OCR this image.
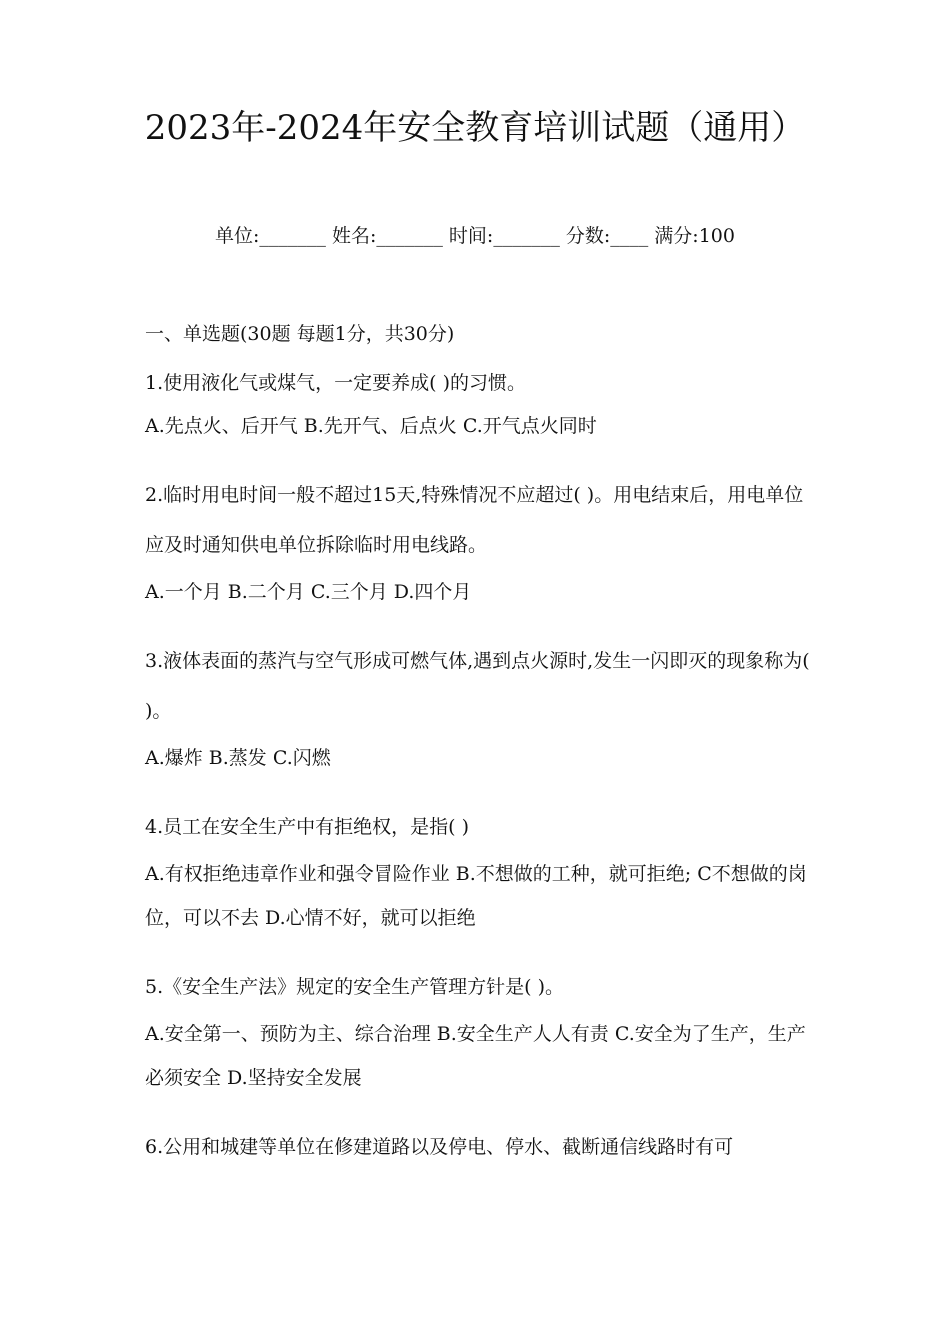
2023年-2024年安全教育培训试题（通用）
单位:_______ 姓名:_______ 时间:_______ 分数:____ 满分:100

一、单选题(30题 每题1分，共30分)

1.使用液化气或煤气，一定要养成( )的习惯。

A.先点火、后开气 B.先开气、后点火 C.开气点火同时

2.临时用电时间一般不超过15天,特殊情况不应超过( )。用电结束后，用电单位应及时通知供电单位拆除临时用电线路。

A.一个月 B.二个月 C.三个月 D.四个月

3.液体表面的蒸汽与空气形成可燃气体,遇到点火源时,发生一闪即灭的现象称为( )。

A.爆炸 B.蒸发 C.闪燃

4.员工在安全生产中有拒绝权，是指( )

A.有权拒绝违章作业和强令冒险作业 B.不想做的工种，就可拒绝; C不想做的岗位，可以不去 D.心情不好，就可以拒绝

5.《安全生产法》规定的安全生产管理方针是( )。

A.安全第一、预防为主、综合治理 B.安全生产人人有责 C.安全为了生产，生产必须安全 D.坚持安全发展

6.公用和城建等单位在修建道路以及停电、停水、截断通信线路时有可
